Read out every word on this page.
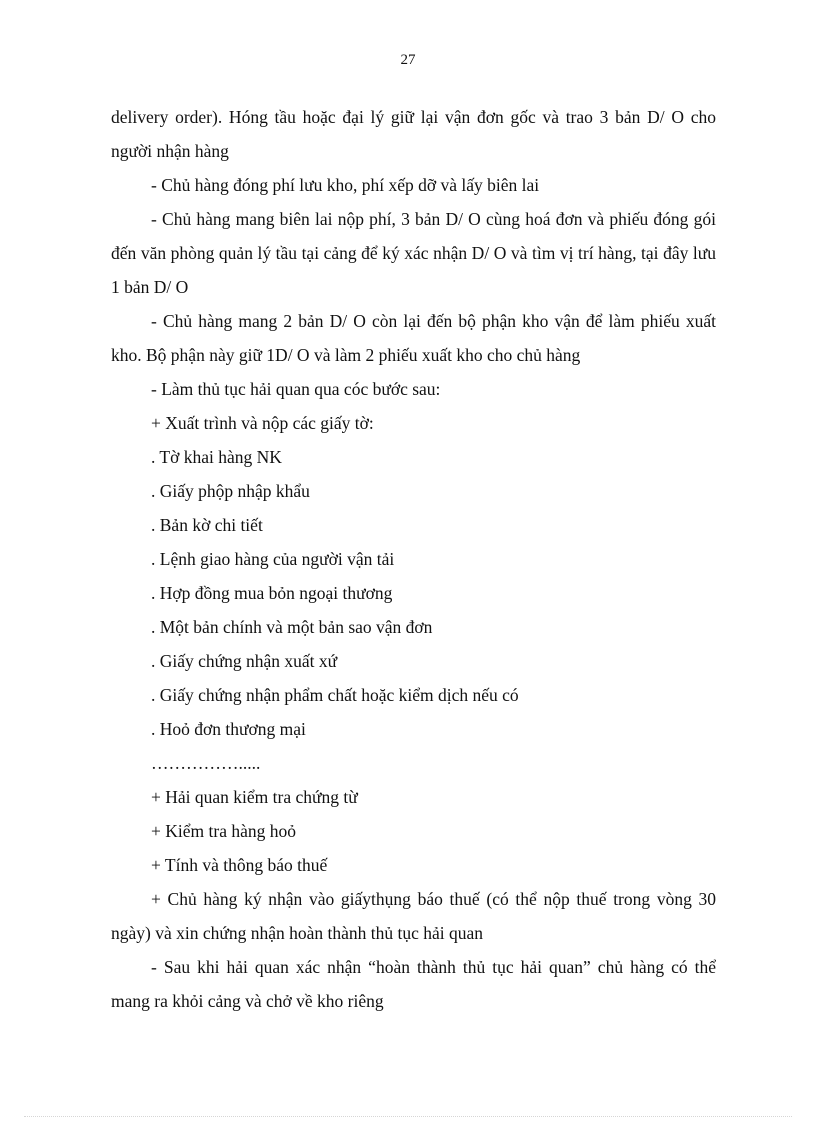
27

delivery order). Hóng tầu hoặc đại lý giữ lại vận đơn gốc và trao 3 bản D/ O cho người nhận hàng

- Chủ hàng đóng phí lưu kho, phí xếp dỡ và lấy biên lai

- Chủ hàng mang biên lai nộp phí, 3 bản D/ O cùng hoá đơn và phiếu đóng gói đến văn phòng quản lý tầu tại cảng để ký xác nhận D/ O và tìm vị trí hàng, tại đây lưu 1 bản D/ O

- Chủ hàng mang 2 bản D/ O còn lại đến bộ phận kho vận để làm phiếu xuất kho. Bộ phận này giữ 1D/ O và làm 2 phiếu xuất kho cho chủ hàng

- Làm thủ tục hải quan qua cóc bước sau:

+ Xuất trình và nộp các giấy tờ:

. Tờ khai hàng NK

. Giấy phộp nhập khẩu

. Bản kờ chi tiết

. Lệnh giao hàng của người vận tải

. Hợp đồng mua bỏn ngoại thương

. Một bản chính và một bản sao vận đơn

. Giấy chứng nhận xuất xứ

. Giấy chứng nhận phẩm chất hoặc kiểm dịch nếu có

. Hoỏ đơn thương mại

…………….....

+ Hải quan kiểm tra chứng từ

+ Kiểm tra hàng hoỏ

+ Tính và thông báo thuế

+ Chủ hàng ký nhận vào giấythụng báo thuế (có thể nộp thuế trong vòng 30 ngày) và xin chứng nhận hoàn thành thủ tục hải quan

- Sau khi hải quan xác nhận “hoàn thành thủ tục hải quan” chủ hàng có thể mang ra khỏi cảng và chở về kho riêng
